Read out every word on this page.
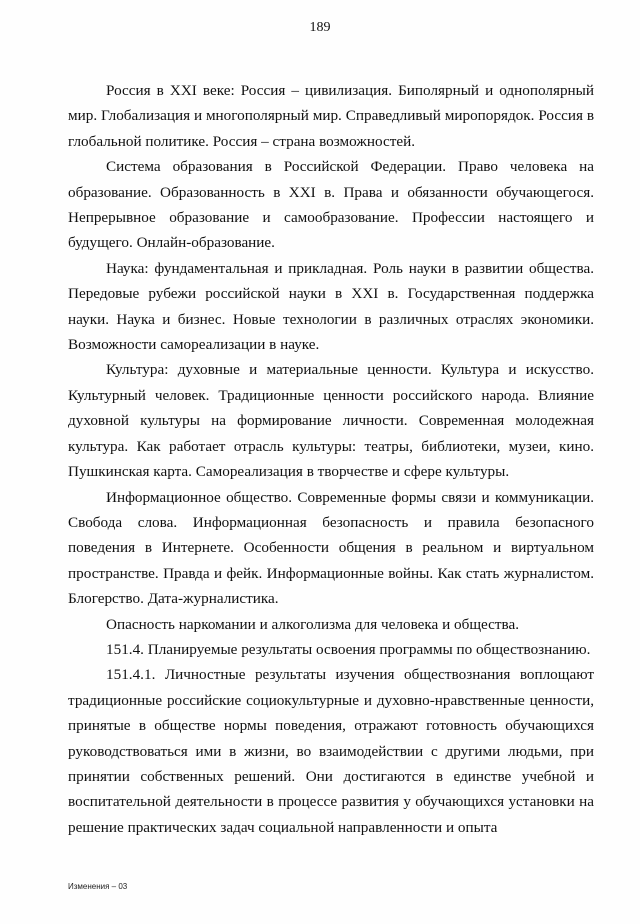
189

Россия в XXI веке: Россия – цивилизация. Биполярный и однополярный мир. Глобализация и многополярный мир. Справедливый миропорядок. Россия в глобальной политике. Россия – страна возможностей.

Система образования в Российской Федерации. Право человека на образование. Образованность в XXI в. Права и обязанности обучающегося. Непрерывное образование и самообразование. Профессии настоящего и будущего. Онлайн-образование.

Наука: фундаментальная и прикладная. Роль науки в развитии общества. Передовые рубежи российской науки в XXI в. Государственная поддержка науки. Наука и бизнес. Новые технологии в различных отраслях экономики. Возможности самореализации в науке.

Культура: духовные и материальные ценности. Культура и искусство. Культурный человек. Традиционные ценности российского народа. Влияние духовной культуры на формирование личности. Современная молодежная культура. Как работает отрасль культуры: театры, библиотеки, музеи, кино. Пушкинская карта. Самореализация в творчестве и сфере культуры.

Информационное общество. Современные формы связи и коммуникации. Свобода слова. Информационная безопасность и правила безопасного поведения в Интернете. Особенности общения в реальном и виртуальном пространстве. Правда и фейк. Информационные войны. Как стать журналистом. Блогерство. Дата-журналистика.

Опасность наркомании и алкоголизма для человека и общества.

151.4. Планируемые результаты освоения программы по обществознанию.

151.4.1. Личностные результаты изучения обществознания воплощают традиционные российские социокультурные и духовно-нравственные ценности, принятые в обществе нормы поведения, отражают готовность обучающихся руководствоваться ими в жизни, во взаимодействии с другими людьми, при принятии собственных решений. Они достигаются в единстве учебной и воспитательной деятельности в процессе развития у обучающихся установки на решение практических задач социальной направленности и опыта

Изменения – 03
